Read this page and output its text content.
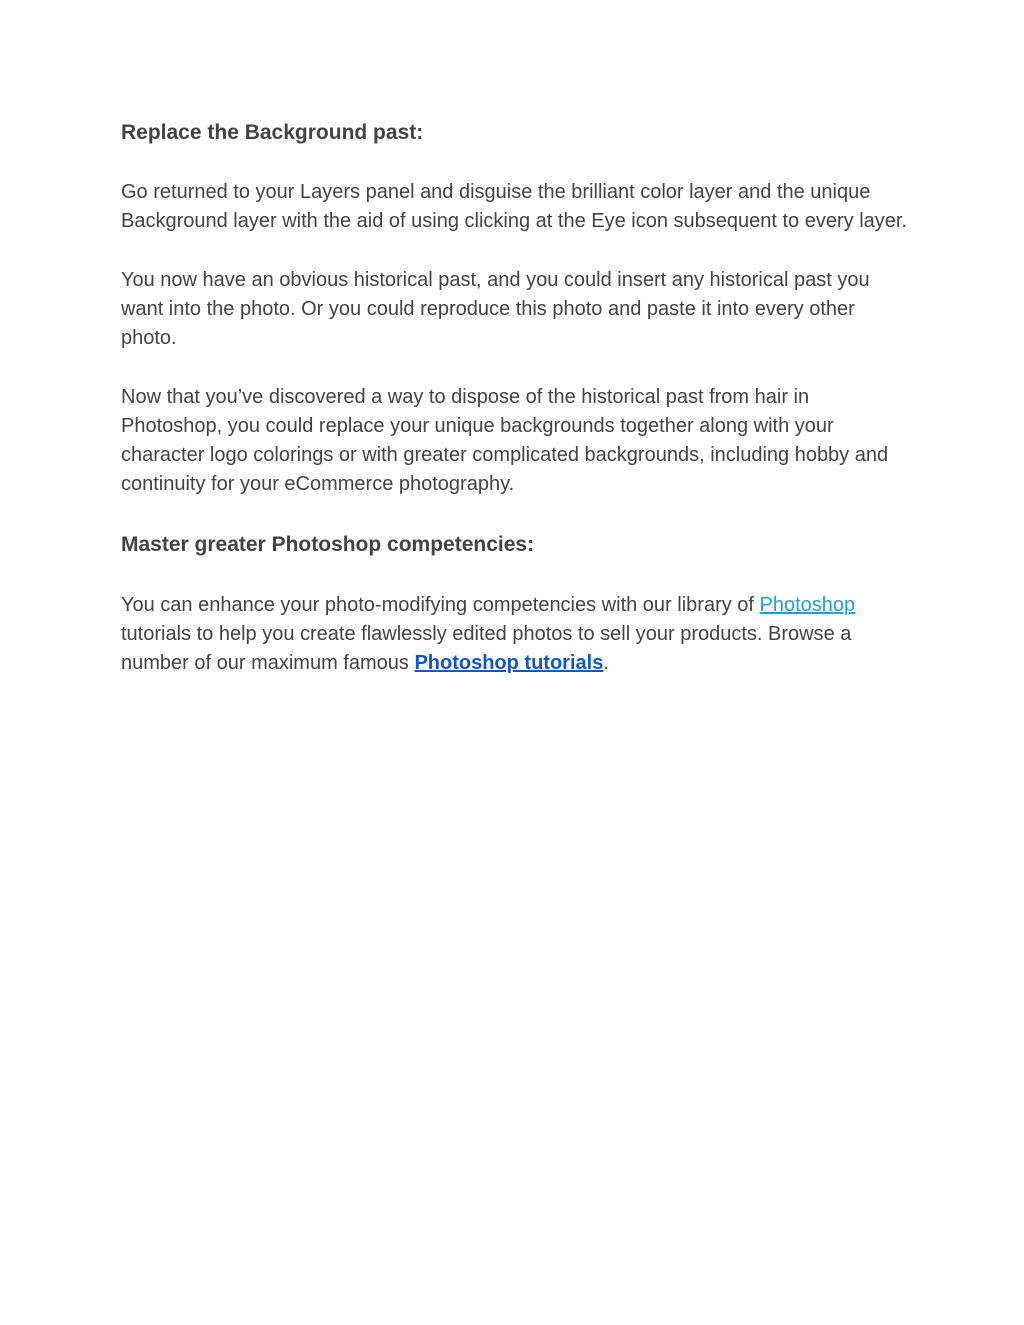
Replace the Background past:

Go returned to your Layers panel and disguise the brilliant color layer and the unique Background layer with the aid of using clicking at the Eye icon subsequent to every layer.

You now have an obvious historical past, and you could insert any historical past you want into the photo. Or you could reproduce this photo and paste it into every other photo.

Now that you’ve discovered a way to dispose of the historical past from hair in Photoshop, you could replace your unique backgrounds together along with your character logo colorings or with greater complicated backgrounds, including hobby and continuity for your eCommerce photography.

Master greater Photoshop competencies:

You can enhance your photo-modifying competencies with our library of Photoshop tutorials to help you create flawlessly edited photos to sell your products. Browse a number of our maximum famous Photoshop tutorials.
